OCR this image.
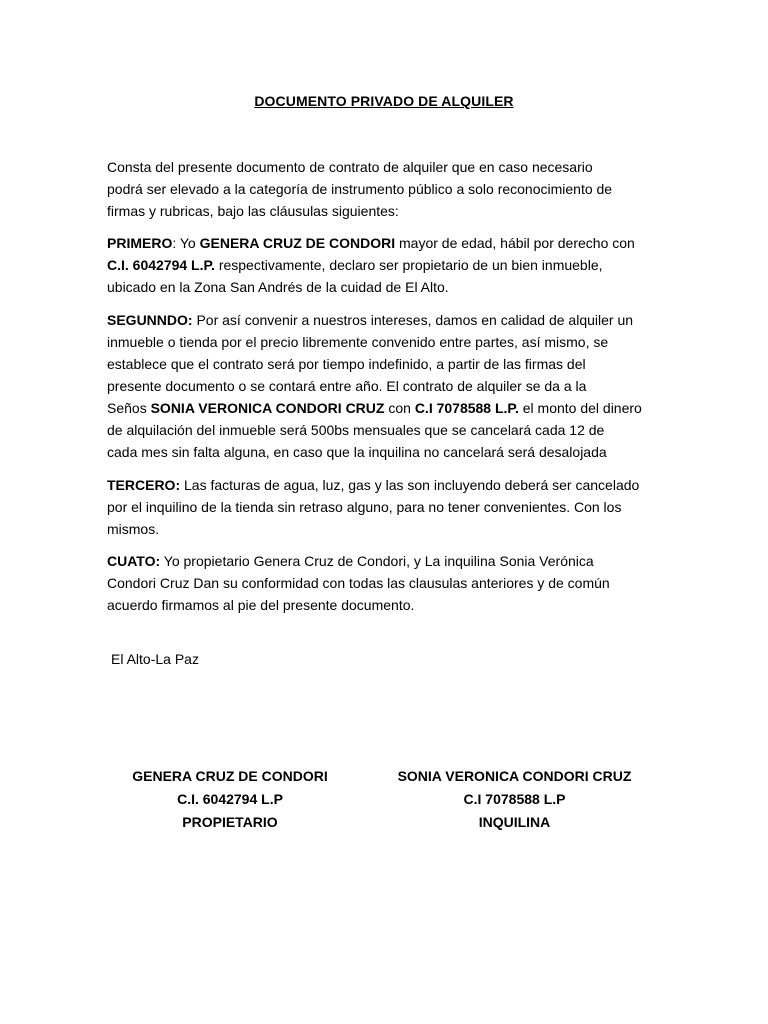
DOCUMENTO PRIVADO DE ALQUILER
Consta del presente documento de contrato de alquiler que en caso necesario
podrá ser elevado a la categoría de instrumento público a solo reconocimiento de
firmas y rubricas, bajo las cláusulas siguientes:
PRIMERO: Yo GENERA CRUZ DE CONDORI mayor de edad, hábil por derecho con
C.I. 6042794 L.P. respectivamente, declaro ser propietario de un bien inmueble,
ubicado en la Zona San Andrés de la cuidad de El Alto.
SEGUNNDO: Por así convenir a nuestros intereses, damos en calidad de alquiler un
inmueble o tienda por el precio libremente convenido entre partes, así mismo, se
establece que el contrato será por tiempo indefinido, a partir de las firmas del
presente documento o se contará entre año. El contrato de alquiler se da a la
Seños SONIA VERONICA CONDORI CRUZ con C.I 7078588 L.P. el monto del dinero
de alquilación del inmueble será 500bs mensuales que se cancelará cada 12 de
cada mes sin falta alguna, en caso que la inquilina no cancelará será desalojada
TERCERO: Las facturas de agua, luz, gas y las son incluyendo deberá ser cancelado
por el inquilino de la tienda sin retraso alguno, para no tener convenientes. Con los
mismos.
CUATO: Yo propietario Genera Cruz de Condori, y La inquilina Sonia Verónica
Condori Cruz Dan su conformidad con todas las clausulas anteriores y de común
acuerdo firmamos al pie del presente documento.
El Alto-La Paz
GENERA CRUZ DE CONDORI
C.I. 6042794 L.P
PROPIETARIO
SONIA VERONICA CONDORI CRUZ
C.I 7078588 L.P
INQUILINA
